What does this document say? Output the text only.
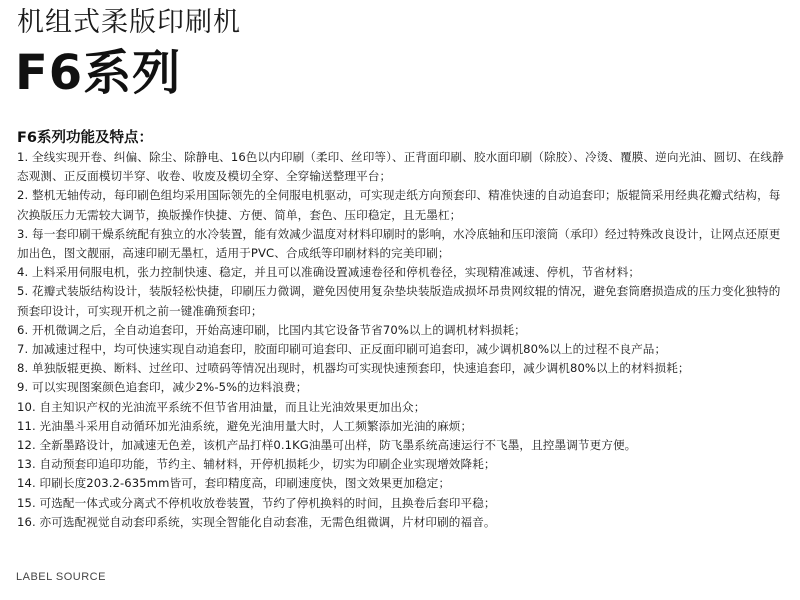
机组式柔版印刷机
F6系列
F6系列功能及特点：
1. 全线实现开卷、纠偏、除尘、除静电、16色以内印刷（柔印、丝印等）、正背面印刷、胶水面印刷（除胶）、冷烫、覆膜、逆向光油、圆切、在线静态观测、正反面模切半穿、收卷、收废及模切全穿、全穿输送整理平台；
2. 整机无轴传动，每印刷色组均采用国际领先的全伺服电机驱动，可实现走纸方向预套印、精准快速的自动追套印；版辊筒采用经典花瓣式结构，每次换版压力无需较大调节，换版操作快捷、方便、简单，套色、压印稳定，且无墨杠；
3. 每一套印刷干燥系统配有独立的水冷装置，能有效减少温度对材料印刷时的影响，水冷底轴和压印滚筒（承印）经过特殊改良设计，让网点还原更加出色，图文靓丽，高速印刷无墨杠，适用于PVC、合成纸等印刷材料的完美印刷；
4. 上料采用伺服电机，张力控制快速、稳定，并且可以准确设置减速卷径和停机卷径，实现精准减速、停机，节省材料；
5. 花瓣式装版结构设计，装版轻松快捷，印刷压力微调，避免因使用复杂垫块装版造成损坏昂贵网纹辊的情况，避免套筒磨损造成的压力变化独特的预套印设计，可实现开机之前一键准确预套印；
6. 开机微调之后，全自动追套印，开始高速印刷，比国内其它设备节省70%以上的调机材料损耗；
7. 加减速过程中，均可快速实现自动追套印，胶面印刷可追套印、正反面印刷可追套印，减少调机80%以上的过程不良产品；
8. 单独版辊更换、断料、过丝印、过喷码等情况出现时，机器均可实现快速预套印，快速追套印，减少调机80%以上的材料损耗；
9. 可以实现图案颜色追套印，减少2%-5%的边料浪费；
10. 自主知识产权的光油流平系统不但节省用油量，而且让光油效果更加出众；
11. 光油墨斗采用自动循环加光油系统，避免光油用量大时，人工频繁添加光油的麻烦；
12. 全新墨路设计，加减速无色差，该机产品打样0.1KG油墨可出样，防飞墨系统高速运行不飞墨，且控墨调节更方便。
13. 自动预套印追印功能，节约主、辅材料，开停机损耗少，切实为印刷企业实现增效降耗；
14. 印刷长度203.2-635mm皆可，套印精度高，印刷速度快，图文效果更加稳定；
15. 可选配一体式或分离式不停机收放卷装置，节约了停机换料的时间，且换卷后套印平稳；
16. 亦可选配视觉自动套印系统，实现全智能化自动套准，无需色组微调，片材印刷的福音。
LABEL SOURCE
